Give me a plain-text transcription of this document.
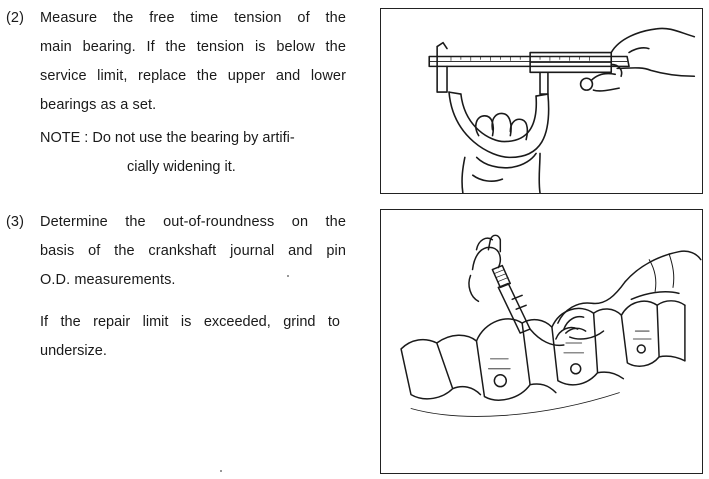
(2)	Measure the free time tension of the
main bearing. If the tension is below the
service limit, replace the upper and lower
bearings as a set.
NOTE : Do not use the bearing by artifi-
cially widening it.
(3)	Determine the out-of-roundness on the
basis of the crankshaft journal and pin
O.D. measurements.
If the repair limit is exceeded, grind to
undersize.
